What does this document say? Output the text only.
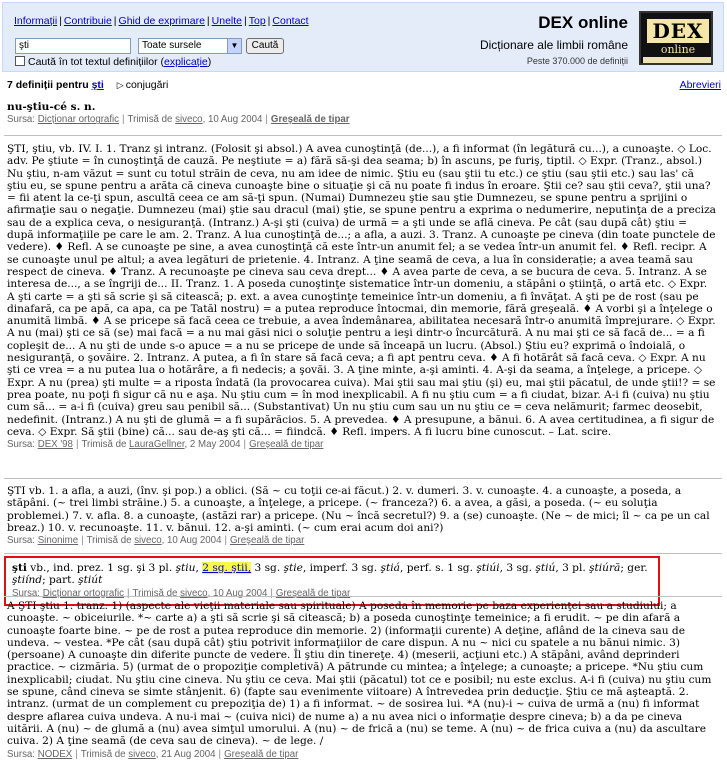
Informații | Contribuie | Ghid de exprimare | Unelte | Top | Contact
şti	Toate sursele	▼	Caută
Caută în tot textul definițiilor (explicație)
DEX online
Dicționare ale limbii române
Peste 370.000 de definiții
DEX
online
7 definiții pentru şti ▷ conjugări	Abrevieri
nu-ştiu-cé s. n.
Sursa: Dicționar ortografic | Trimisă de siveco, 10 Aug 2004 | Greşeală de tipar
ŞTI, ştiu, vb. IV. I. 1. Tranz şi intranz. (Folosit şi absol.) A avea cunoştinţă (de...), a fi informat (în legătură cu...), a cunoaşte. ◇ Loc. adv. Pe ştiute = în cunoştinţă de cauză. Pe neştiute = a) fără să-şi dea seama; b) în ascuns, pe furiş, tiptil. ◇ Expr. (Tranz., absol.) Nu ştiu, n-am văzut = sunt cu totul străin de ceva, nu am idee de nimic. Ştiu eu (sau ştii tu etc.) ce ştiu (sau ştii etc.) sau las' că ştiu eu, se spune pentru a arăta că cineva cunoaşte bine o situaţie şi că nu poate fi indus în eroare. Ştii ce? sau ştii ceva?, ştii una? = fii atent la ce-ţi spun, ascultă ceea ce am să-ţi spun. (Numai) Dumnezeu ştie sau ştie Dumnezeu, se spune pentru a sprijini o afirmaţie sau o negaţie. Dumnezeu (mai) ştie sau dracul (mai) ştie, se spune pentru a exprima o nedumerire, neputinţa de a preciza sau de a explica ceva, o nesiguranţă. (Intranz.) A-şi şti (cuiva) de urmă = a şti unde se află cineva. Pe cât (sau după cât) ştiu = după informaţiile pe care le am. 2. Tranz. A lua cunoştinţă de...; a afla, a auzi. 3. Tranz. A cunoaşte pe cineva (din toate punctele de vedere). ♦ Refl. A se cunoaşte pe sine, a avea cunoştinţă că este într-un anumit fel; a se vedea într-un anumit fel. ♦ Refl. recipr. A se cunoaşte unul pe altul; a avea legături de prietenie. 4. Intranz. A ţine seamă de ceva, a lua în considerație; a avea teamă sau respect de cineva. ♦ Tranz. A recunoaşte pe cineva sau ceva drept... ♦ A avea parte de ceva, a se bucura de ceva. 5. Intranz. A se interesa de..., a se îngriji de... II. Tranz. 1. A poseda cunoştinţe sistematice într-un domeniu, a stăpâni o ştiinţă, o artă etc. ◇ Expr. A şti carte = a şti să scrie şi să citească; p. ext. a avea cunoştinţe temeinice într-un domeniu, a fi învăţat. A şti pe de rost (sau pe dinafară, ca pe apă, ca apa, ca pe Tatăl nostru) = a putea reproduce întocmai, din memorie, fără greşeală. ♦ A vorbi şi a înţelege o anumită limbă. ♦ A se pricepe să facă ceea ce trebuie, a avea îndemânarea, abilitatea necesară într-o anumită împrejurare. ◇ Expr. A nu (mai) şti ce să (se) mai facă = a nu mai găsi nici o soluţie pentru a ieşi dintr-o încurcătură. A nu mai şti ce să facă de... = a fi copleşit de... A nu şti de unde s-o apuce = a nu se pricepe de unde să înceapă un lucru. (Absol.) Ştiu eu? exprimă o îndoială, o nesiguranţă, o şovăire. 2. Intranz. A putea, a fi în stare să facă ceva; a fi apt pentru ceva. ♦ A fi hotărât să facă ceva. ◇ Expr. A nu şti ce vrea = a nu putea lua o hotărâre, a fi nedecis; a şovăi. 3. A ţine minte, a-şi aminti. 4. A-şi da seama, a înţelege, a pricepe. ◇ Expr. A nu (prea) şti multe = a riposta îndată (la provocarea cuiva). Mai ştii sau mai ştiu (şi) eu, mai ştii păcatul, de unde ştii!? = se prea poate, nu poţi fi sigur că nu e aşa. Nu ştiu cum = în mod inexplicabil. A fi nu ştiu cum = a fi ciudat, bizar. A-i fi (cuiva) nu ştiu cum să... = a-i fi (cuiva) greu sau penibil să... (Substantivat) Un nu ştiu cum sau un nu ştiu ce = ceva nelămurit; farmec deosebit, nedefinit. (Intranz.) A nu şti de glumă = a fi supărăcios. 5. A prevedea. ♦ A presupune, a bănui. 6. A avea certitudinea, a fi sigur de ceva. ◇ Expr. Să ştii (bine) că... sau de-aş şti că... = fiindcă. ♦ Refl. impers. A fi lucru bine cunoscut. – Lat. scire.
Sursa: DEX '98 | Trimisă de LauraGellner, 2 May 2004 | Greşeală de tipar
ŞTI vb. 1. a afla, a auzi, (înv. şi pop.) a oblici. (Să ~ cu toţii ce-ai făcut.) 2. v. dumeri. 3. v. cunoaşte. 4. a cunoaşte, a poseda, a stăpâni. (~ trei limbi străine.) 5. a cunoaşte, a înţelege, a pricepe. (~ franceza?) 6. a avea, a găsi, a poseda. (~ eu soluţia problemei.) 7. v. afla. 8. a cunoaşte, (astăzi rar) a pricepe. (Nu ~ încă secretul?) 9. a (se) cunoaşte. (Ne ~ de mici; îl ~ ca pe un cal breaz.) 10. v. recunoaşte. 11. v. bănui. 12. a-şi aminti. (~ cum erai acum doi ani?)
Sursa: Sinonime | Trimisă de siveco, 10 Aug 2004 | Greşeală de tipar
şti vb., ind. prez. 1 sg. şi 3 pl. ştiu, 2 sg. ştii, 3 sg. ştie, imperf. 3 sg. ştiá, perf. s. 1 sg. ştiúi, 3 sg. ştiú, 3 pl. ştiúră; ger. ştiínd; part. ştiút
Sursa: Dicționar ortografic | Trimisă de siveco, 10 Aug 2004 | Greşeală de tipar
A ŞTI ştiu 1. tranz. 1) (aspecte ale vieţii materiale sau spirituale) A poseda în memorie pe baza experienţei sau a studiului; a cunoaşte. ~ obiceiurile. *~ carte a) a şti să scrie şi să citească; b) a poseda cunoştinţe temeinice; a fi erudit. ~ pe din afară a cunoaşte foarte bine. ~ pe de rost a putea reproduce din memorie. 2) (informaţii curente) A deţine, aflând de la cineva sau de undeva. ~ vestea. *Pe cât (sau după cât) ştiu potrivit informaţiilor de care dispun. A nu ~ nici cu spatele a nu bănui nimic. 3) (persoane) A cunoaşte din diferite puncte de vedere. Îl ştiu din tinereţe. 4) (meserii, acţiuni etc.) A stăpâni, având deprinderi practice. ~ cizmăria. 5) (urmat de o propoziţie completivă) A pătrunde cu mintea; a înţelege; a cunoaşte; a pricepe. *Nu ştiu cum inexplicabil; ciudat. Nu ştiu cine cineva. Nu ştiu ce ceva. Mai ştii (păcatul) tot ce e posibil; nu este exclus. A-i fi (cuiva) nu ştiu cum se spune, când cineva se simte stânjenit. 6) (fapte sau evenimente viitoare) A întrevedea prin deducţie. Ştiu ce mă aşteaptă. 2. intranz. (urmat de un complement cu prepoziţia de) 1) a fi informat. ~ de sosirea lui. *A (nu)-i ~ cuiva de urmă a (nu) fi informat despre aflarea cuiva undeva. A nu-i mai ~ (cuiva nici) de nume a) a nu avea nici o informaţie despre cineva; b) a da pe cineva uitării. A (nu) ~ de glumă a (nu) avea simţul umorului. A (nu) ~ de frică a (nu) se teme. A (nu) ~ de frica cuiva a (nu) da ascultare cuiva. 2) A ţine seamă (de ceva sau de cineva). ~ de lege. /
Sursa: NODEX | Trimisă de siveco, 21 Aug 2004 | Greşeală de tipar
